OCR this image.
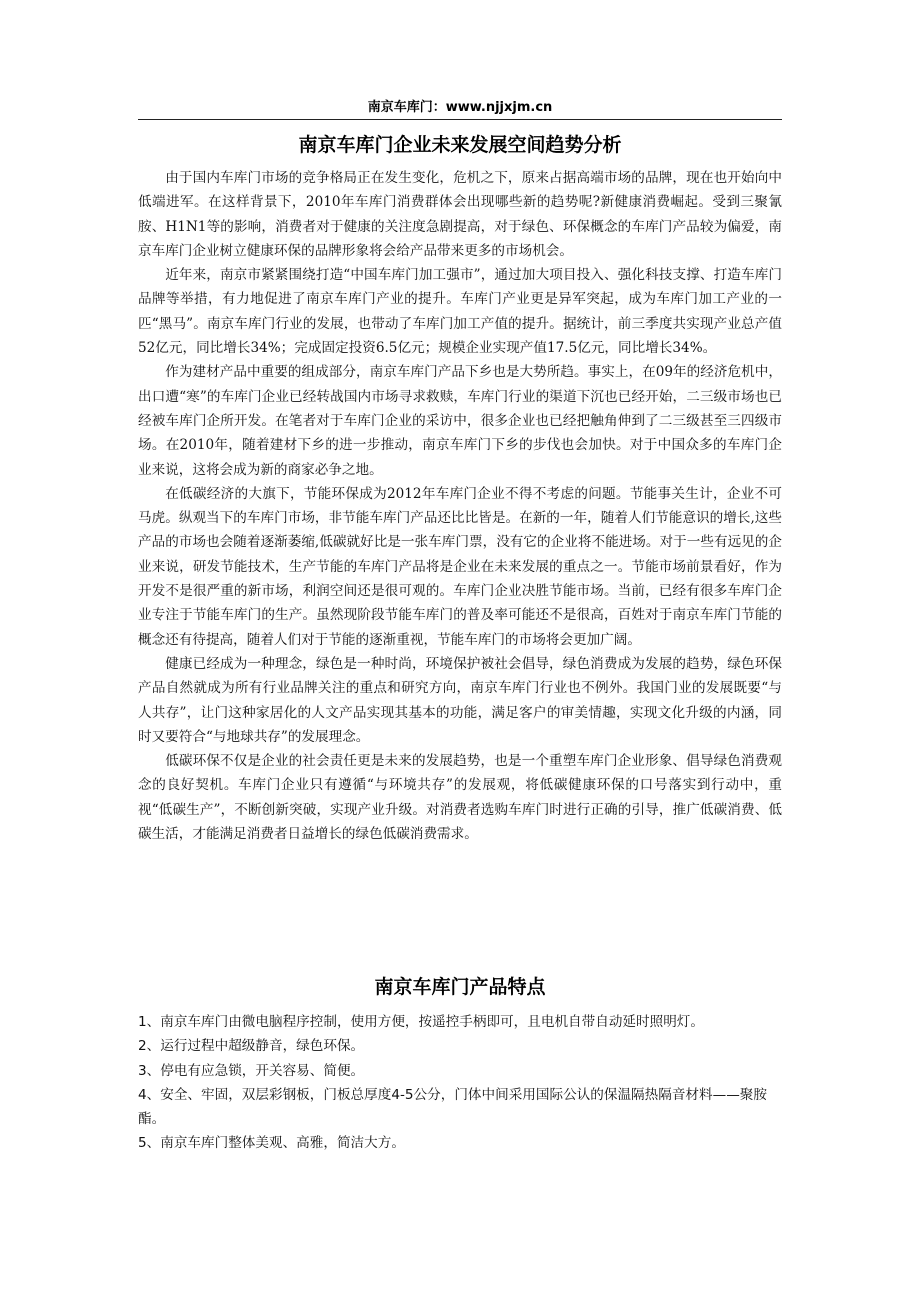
南京车库门：www.njjxjm.cn
南京车库门企业未来发展空间趋势分析

由于国内车库门市场的竞争格局正在发生变化，危机之下，原来占据高端市场的品牌，现在也开始向中低端进军。在这样背景下，2010年车库门消费群体会出现哪些新的趋势呢?新健康消费崛起。受到三聚氰胺、H1N1等的影响，消费者对于健康的关注度急剧提高，对于绿色、环保概念的车库门产品较为偏爱，南京车库门企业树立健康环保的品牌形象将会给产品带来更多的市场机会。

近年来，南京市紧紧围绕打造“中国车库门加工强市”，通过加大项目投入、强化科技支撑、打造车库门品牌等举措，有力地促进了南京车库门产业的提升。车库门产业更是异军突起，成为车库门加工产业的一匹“黑马”。南京车库门行业的发展，也带动了车库门加工产值的提升。据统计，前三季度共实现产业总产值52亿元，同比增长34%；完成固定投资6.5亿元；规模企业实现产值17.5亿元，同比增长34%。

作为建材产品中重要的组成部分，南京车库门产品下乡也是大势所趋。事实上，在09年的经济危机中，出口遭“寒”的车库门企业已经转战国内市场寻求救赎，车库门行业的渠道下沉也已经开始，二三级市场也已经被车库门企所开发。在笔者对于车库门企业的采访中，很多企业也已经把触角伸到了二三级甚至三四级市场。在2010年，随着建材下乡的进一步推动，南京车库门下乡的步伐也会加快。对于中国众多的车库门企业来说，这将会成为新的商家必争之地。

在低碳经济的大旗下，节能环保成为2012年车库门企业不得不考虑的问题。节能事关生计，企业不可马虎。纵观当下的车库门市场，非节能车库门产品还比比皆是。在新的一年，随着人们节能意识的增长,这些产品的市场也会随着逐渐萎缩,低碳就好比是一张车库门票，没有它的企业将不能进场。对于一些有远见的企业来说，研发节能技术，生产节能的车库门产品将是企业在未来发展的重点之一。节能市场前景看好，作为开发不是很严重的新市场，利润空间还是很可观的。车库门企业决胜节能市场。当前，已经有很多车库门企业专注于节能车库门的生产。虽然现阶段节能车库门的普及率可能还不是很高，百姓对于南京车库门节能的概念还有待提高，随着人们对于节能的逐渐重视，节能车库门的市场将会更加广阔。

健康已经成为一种理念，绿色是一种时尚，环境保护被社会倡导，绿色消费成为发展的趋势，绿色环保产品自然就成为所有行业品牌关注的重点和研究方向，南京车库门行业也不例外。我国门业的发展既要“与人共存”，让门这种家居化的人文产品实现其基本的功能，满足客户的审美情趣，实现文化升级的内涵，同时又要符合“与地球共存”的发展理念。

低碳环保不仅是企业的社会责任更是未来的发展趋势，也是一个重塑车库门企业形象、倡导绿色消费观念的良好契机。车库门企业只有遵循“与环境共存”的发展观，将低碳健康环保的口号落实到行动中，重视“低碳生产”，不断创新突破，实现产业升级。对消费者选购车库门时进行正确的引导，推广低碳消费、低碳生活，才能满足消费者日益增长的绿色低碳消费需求。

南京车库门产品特点
1、南京车库门由微电脑程序控制，使用方便，按遥控手柄即可，且电机自带自动延时照明灯。
2、运行过程中超级静音，绿色环保。
3、停电有应急锁，开关容易、简便。
4、安全、牢固，双层彩钢板，门板总厚度4-5公分，门体中间采用国际公认的保温隔热隔音材料——聚胺酯。
5、南京车库门整体美观、高雅，简洁大方。
